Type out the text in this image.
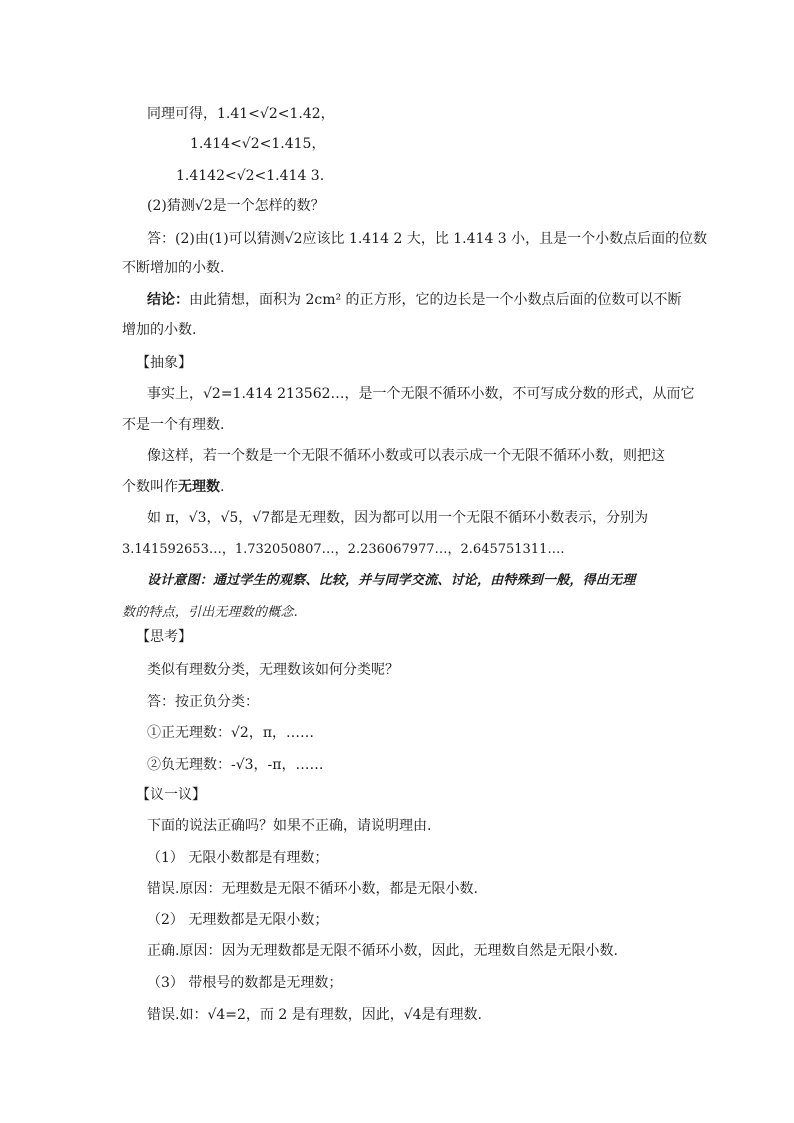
同理可得，1.41<√2<1.42，
1.414<√2<1.415，
1.4142<√2<1.414 3.
(2)猜测√2是一个怎样的数？
答：(2)由(1)可以猜测√2应该比 1.414 2 大，比 1.414 3 小，且是一个小数点后面的位数
不断增加的小数.
结论：由此猜想，面积为 2cm² 的正方形，它的边长是一个小数点后面的位数可以不断
增加的小数.
【抽象】
事实上，√2=1.414 213562…，是一个无限不循环小数，不可写成分数的形式，从而它
不是一个有理数.
像这样，若一个数是一个无限不循环小数或可以表示成一个无限不循环小数，则把这
个数叫作无理数.
如 π，√3，√5，√7都是无理数，因为都可以用一个无限不循环小数表示，分别为
3.141592653…，1.732050807…，2.236067977…，2.645751311….
设计意图：通过学生的观察、比较，并与同学交流、讨论，由特殊到一般，得出无理
数的特点，引出无理数的概念.
【思考】
类似有理数分类，无理数该如何分类呢？
答：按正负分类：
①正无理数：√2，π，……
②负无理数：-√3，-π，……
【议一议】
下面的说法正确吗？如果不正确，请说明理由.
（1） 无限小数都是有理数；
错误.原因：无理数是无限不循环小数，都是无限小数.
（2） 无理数都是无限小数；
正确.原因：因为无理数都是无限不循环小数，因此，无理数自然是无限小数.
（3） 带根号的数都是无理数；
错误.如：√4=2，而 2 是有理数，因此，√4是有理数.
